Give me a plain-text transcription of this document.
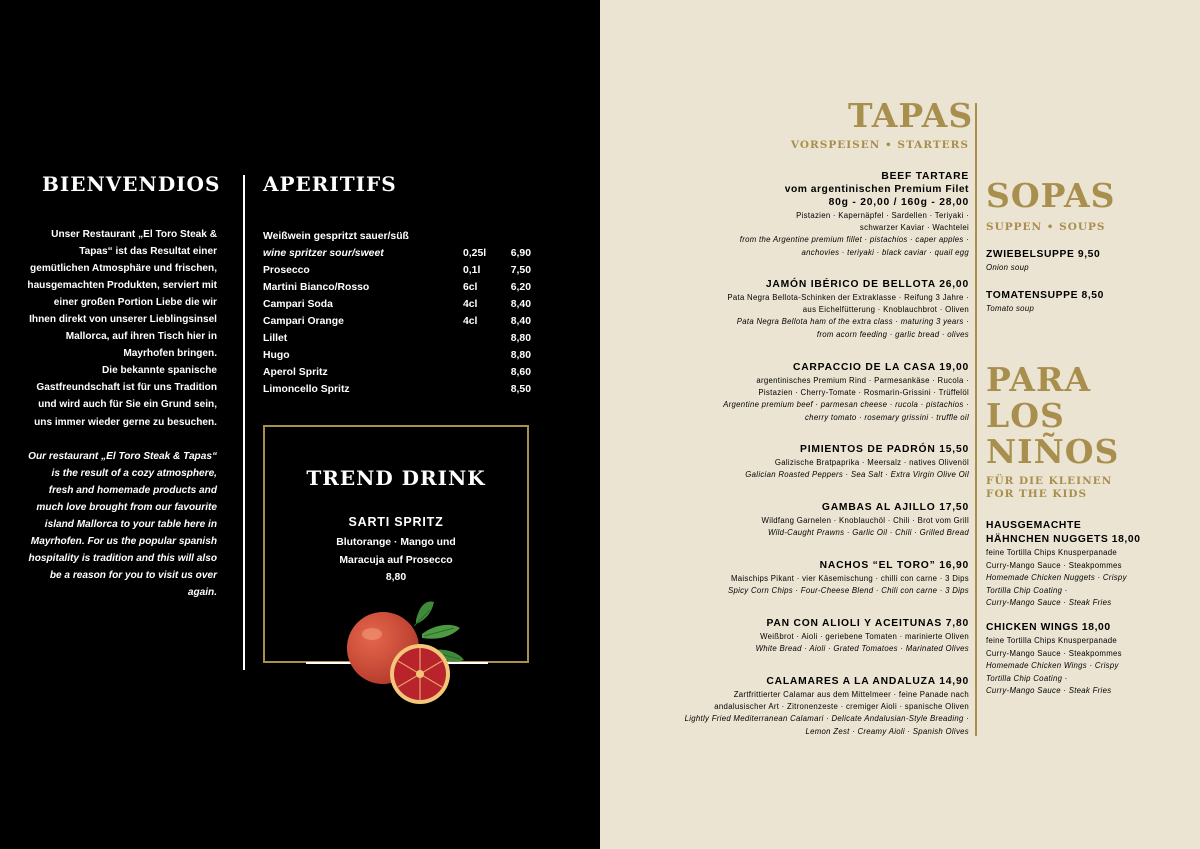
BIENVENDIOS

Unser Restaurant „El Toro Steak & Tapas“ ist das Resultat einer gemütlichen Atmosphäre und frischen, hausgemachten Produkten, serviert mit einer großen Portion Liebe die wir Ihnen direkt von unserer Lieblingsinsel Mallorca, auf ihren Tisch hier in Mayrhofen bringen.

Die bekannte spanische Gastfreundschaft ist für uns Tradition und wird auch für Sie ein Grund sein, uns immer wieder gerne zu besuchen.

Our restaurant „El Toro Steak & Tapas“ is the result of a cozy atmosphere, fresh and homemade products and much love brought from our favourite island Mallorca to your table here in Mayrhofen. For us the popular spanish hospitality is tradition and this will also be a reason for you to visit us over again.

APERITIFS
Weißwein gespritzt sauer/süß
wine spritzer sour/sweet	0,25l 6,90
Prosecco	0,1l	7,50
Martini Bianco/Rosso	6cl	6,20
Campari Soda	4cl	8,40
Campari Orange	4cl	8,40
Lillet	8,80
Hugo	8,80
Aperol Spritz	8,60
Limoncello Spritz	8,50
TREND DRINK
SARTI SPRITZ
Blutorange · Mango und
Maracuja auf Prosecco
8,80
TAPAS
VORSPEISEN • STARTERS
BEEF TARTARE
vom argentinischen Premium Filet
80g - 20,00 / 160g - 28,00
Pistazien · Kapernäpfel · Sardellen · Teriyaki ·
schwarzer Kaviar · Wachtelei
from the Argentine premium fillet · pistachios · caper apples ·
anchovies · teriyaki · black caviar · quail egg
JAMÓN IBÉRICO DE BELLOTA 26,00
Pata Negra Bellota-Schinken der Extraklasse · Reifung 3 Jahre ·
aus Eichelfütterung · Knoblauchbrot · Oliven
Pata Negra Bellota ham of the extra class · maturing 3 years ·
from acorn feeding · garlic bread · olives
CARPACCIO DE LA CASA 19,00
argentinisches Premium Rind · Parmesankäse · Rucola ·
Pistazien · Cherry-Tomate · Rosmarin-Grissini · Trüffelöl
Argentine premium beef · parmesan cheese · rucola · pistachios ·
cherry tomato · rosemary grissini · truffle oil
PIMIENTOS DE PADRÓN 15,50
Galizische Bratpaprika · Meersalz · natives Olivenöl
Galician Roasted Peppers · Sea Salt · Extra Virgin Olive Oil
GAMBAS AL AJILLO 17,50
Wildfang Garnelen · Knoblauchöl · Chili · Brot vom Grill
Wild-Caught Prawns · Garlic Oil · Chili · Grilled Bread
NACHOS “EL TORO” 16,90
Maischips Pikant · vier Käsemischung · chilli con carne · 3 Dips
Spicy Corn Chips · Four-Cheese Blend · Chili con carne · 3 Dips
PAN CON ALIOLI Y ACEITUNAS 7,80
Weißbrot · Aioli · geriebene Tomaten · marinierte Oliven
White Bread · Aioli · Grated Tomatoes · Marinated Olives
CALAMARES A LA ANDALUZA 14,90
Zartfrittierter Calamar aus dem Mittelmeer · feine Panade nach
andalusischer Art · Zitronenzeste · cremiger Aioli · spanische Oliven
Lightly Fried Mediterranean Calamari · Delicate Andalusian-Style Breading ·
Lemon Zest · Creamy Aioli · Spanish Olives
SOPAS
SUPPEN • SOUPS
ZWIEBELSUPPE 9,50
Onion soup
TOMATENSUPPE 8,50
Tomato soup
PARA
LOS
NIÑOS
FÜR DIE KLEINEN
FOR THE KIDS
HAUSGEMACHTE
HÄHNCHEN NUGGETS 18,00
feine Tortilla Chips Knusperpanade
Curry-Mango Sauce · Steakpommes
Homemade Chicken Nuggets · Crispy
Tortilla Chip Coating ·
Curry-Mango Sauce · Steak Fries
CHICKEN WINGS 18,00
feine Tortilla Chips Knusperpanade
Curry-Mango Sauce · Steakpommes
Homemade Chicken Wings · Crispy
Tortilla Chip Coating ·
Curry-Mango Sauce · Steak Fries
